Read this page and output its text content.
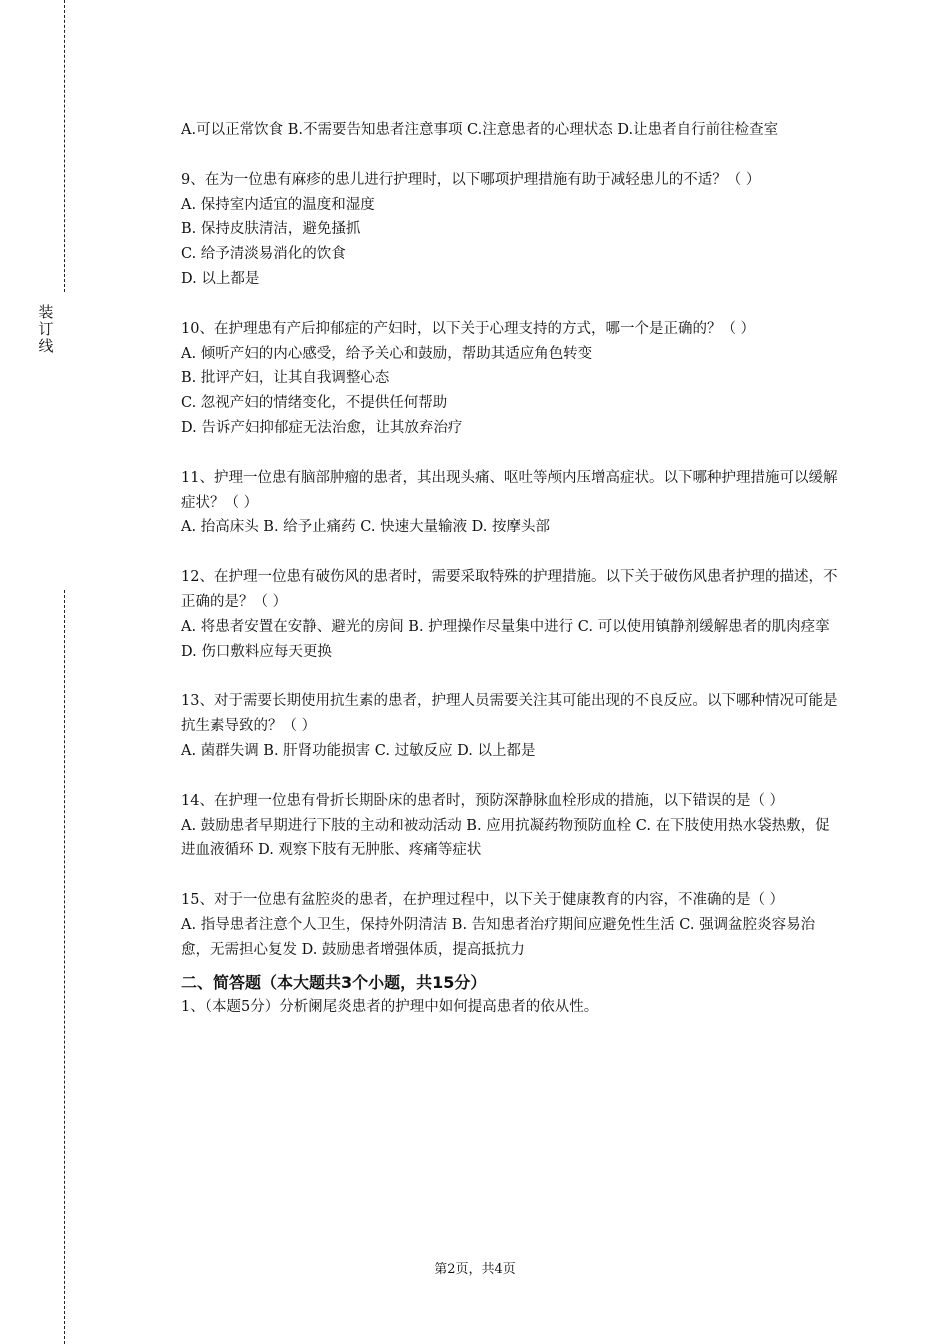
装订线

A.可以正常饮食 B.不需要告知患者注意事项 C.注意患者的心理状态 D.让患者自行前往检查室

9、在为一位患有麻疹的患儿进行护理时，以下哪项护理措施有助于减轻患儿的不适？（ ）

A. 保持室内适宜的温度和湿度

B. 保持皮肤清洁，避免搔抓

C. 给予清淡易消化的饮食

D. 以上都是

10、在护理患有产后抑郁症的产妇时，以下关于心理支持的方式，哪一个是正确的？（ ）

A. 倾听产妇的内心感受，给予关心和鼓励，帮助其适应角色转变

B. 批评产妇，让其自我调整心态

C. 忽视产妇的情绪变化，不提供任何帮助

D. 告诉产妇抑郁症无法治愈，让其放弃治疗

11、护理一位患有脑部肿瘤的患者，其出现头痛、呕吐等颅内压增高症状。以下哪种护理措施可以缓解症状？（ ）

A. 抬高床头 B. 给予止痛药 C. 快速大量输液 D. 按摩头部

12、在护理一位患有破伤风的患者时，需要采取特殊的护理措施。以下关于破伤风患者护理的描述，不正确的是？（ ）

A. 将患者安置在安静、避光的房间 B. 护理操作尽量集中进行 C. 可以使用镇静剂缓解患者的肌肉痉挛 D. 伤口敷料应每天更换

13、对于需要长期使用抗生素的患者，护理人员需要关注其可能出现的不良反应。以下哪种情况可能是抗生素导致的？（ ）

A. 菌群失调 B. 肝肾功能损害 C. 过敏反应 D. 以上都是

14、在护理一位患有骨折长期卧床的患者时，预防深静脉血栓形成的措施，以下错误的是（ ）

A. 鼓励患者早期进行下肢的主动和被动活动 B. 应用抗凝药物预防血栓 C. 在下肢使用热水袋热敷，促进血液循环 D. 观察下肢有无肿胀、疼痛等症状

15、对于一位患有盆腔炎的患者，在护理过程中，以下关于健康教育的内容，不准确的是（ ）

A. 指导患者注意个人卫生，保持外阴清洁 B. 告知患者治疗期间应避免性生活 C. 强调盆腔炎容易治愈，无需担心复发 D. 鼓励患者增强体质，提高抵抗力

二、简答题（本大题共3个小题，共15分）

1、（本题5分）分析阑尾炎患者的护理中如何提高患者的依从性。

第2页，共4页
